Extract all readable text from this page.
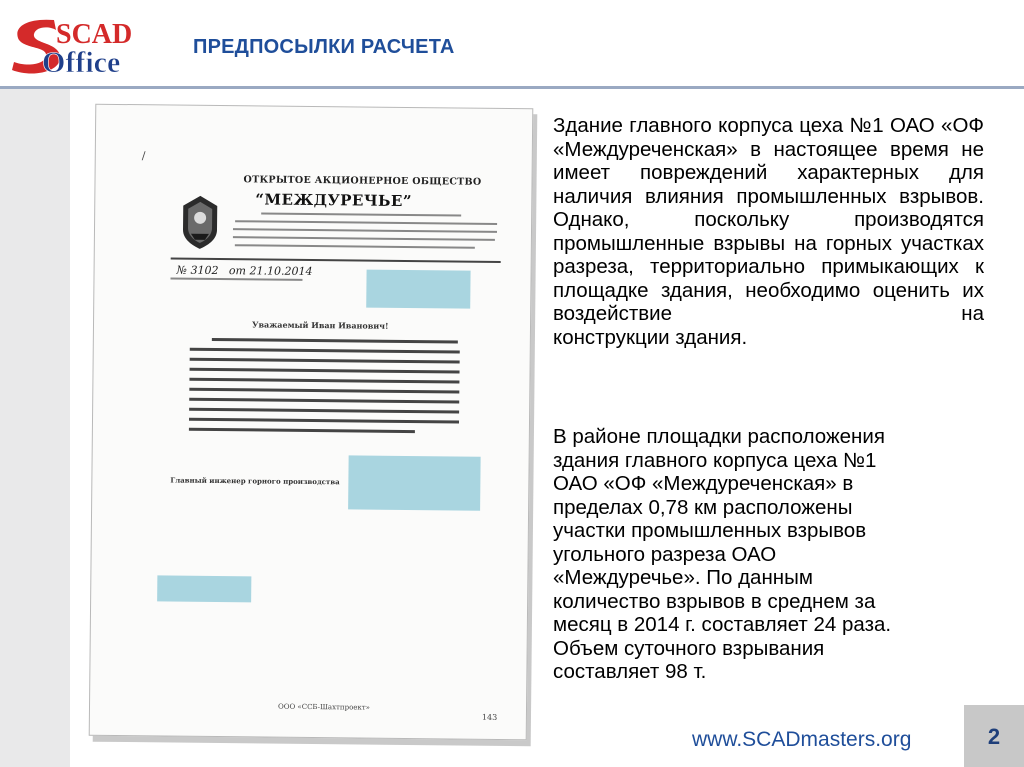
SCAD
Office	ПРЕДПОСЫЛКИ РАСЧЕТА
/
ОТКРЫТОЕ АКЦИОНЕРНОЕ ОБЩЕСТВО
“МЕЖДУРЕЧЬЕ”
№ 3102   от 21.10.2014
Уважаемый Иван Иванович!
Главный инженер горного производства
ООО «ССБ-Шахтпроект»
143
Здание главного корпуса цеха №1 ОАО «ОФ «Междуреченская» в настоящее время не имеет повреждений характерных для наличия влияния промышленных взрывов. Однако, поскольку	производятся промышленные взрывы на горных участках разреза, территориально примыкающих к площадке здания, необходимо оценить их воздействие на
конструкции здания.
В районе площадки расположения
здания главного корпуса цеха №1
ОАО «ОФ «Междуреченская» в
пределах 0,78 км расположены
участки промышленных взрывов
угольного разреза ОАО
«Междуречье». По данным
количество взрывов в среднем за
месяц в 2014 г. составляет 24 раза.
Объем суточного взрывания
составляет 98 т.
www.SCADmasters.org	2
